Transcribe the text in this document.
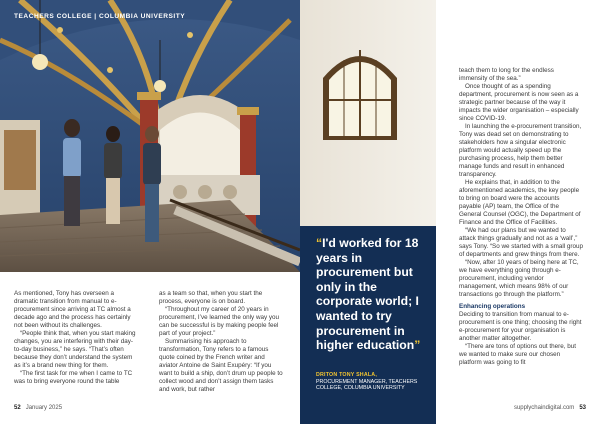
TEACHERS COLLEGE | COLUMBIA UNIVERSITY

“I'd worked for 18 years in procurement but only in the corporate world; I wanted to try procurement in higher education”

DRITON TONY SHALA,
PROCUREMENT MANAGER, TEACHERS COLLEGE, COLUMBIA UNIVERSITY

As mentioned, Tony has overseen a dramatic transition from manual to e-procurement since arriving at TC almost a decade ago and the process has certainly not been without its challenges.

“People think that, when you start making changes, you are interfering with their day-to-day business,” he says. “That’s often because they don’t understand the system as it’s a brand new thing for them.

“The first task for me when I came to TC was to bring everyone round the table

as a team so that, when you start the process, everyone is on board.

“Throughout my career of 20 years in procurement, I’ve learned the only way you can be successful is by making people feel part of your project.”

Summarising his approach to transformation, Tony refers to a famous quote coined by the French writer and aviator Antoine de Saint Exupéry: “If you want to build a ship, don’t drum up people to collect wood and don’t assign them tasks and work, but rather

teach them to long for the endless immensity of the sea.”

Once thought of as a spending department, procurement is now seen as a strategic partner because of the way it impacts the wider organisation – especially since COVID-19.

In launching the e-procurement transition, Tony was dead set on demonstrating to stakeholders how a singular electronic platform would actually speed up the purchasing process, help them better manage funds and result in enhanced transparency.

He explains that, in addition to the aforementioned academics, the key people to bring on board were the accounts payable (AP) team, the Office of the General Counsel (OGC), the Department of Finance and the Office of Facilities.

“We had our plans but we wanted to attack things gradually and not as a ‘wall’,” says Tony. “So we started with a small group of departments and grew things from there.

“Now, after 10 years of being here at TC, we have everything going through e-procurement, including vendor management, which means 98% of our transactions go through the platform.”

Enhancing operations

Deciding to transition from manual to e-procurement is one thing; choosing the right e-procurement for your organisation is another matter altogether.

“There are tons of options out there, but we wanted to make sure our chosen platform was going to fit

52 January 2025	supplychaindigital.com 53
